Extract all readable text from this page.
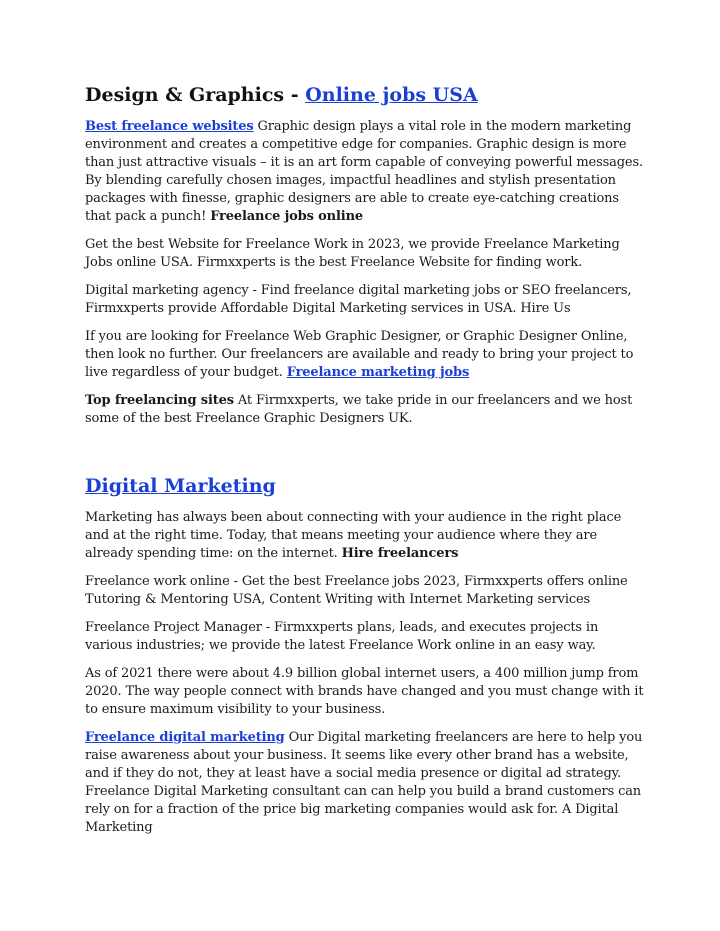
Design & Graphics - Online jobs USA

Best freelance websites Graphic design plays a vital role in the modern marketing environment and creates a competitive edge for companies. Graphic design is more than just attractive visuals – it is an art form capable of conveying powerful messages. By blending carefully chosen images, impactful headlines and stylish presentation packages with finesse, graphic designers are able to create eye-catching creations that pack a punch! Freelance jobs online

Get the best Website for Freelance Work in 2023, we provide Freelance Marketing Jobs online USA. Firmxxperts is the best Freelance Website for finding work.

Digital marketing agency - Find freelance digital marketing jobs or SEO freelancers, Firmxxperts provide Affordable Digital Marketing services in USA. Hire Us

If you are looking for Freelance Web Graphic Designer, or Graphic Designer Online, then look no further. Our freelancers are available and ready to bring your project to live regardless of your budget. Freelance marketing jobs

Top freelancing sites At Firmxxperts, we take pride in our freelancers and we host some of the best Freelance Graphic Designers UK.

Digital Marketing

Marketing has always been about connecting with your audience in the right place and at the right time. Today, that means meeting your audience where they are already spending time: on the internet. Hire freelancers

Freelance work online - Get the best Freelance jobs 2023, Firmxxperts offers online Tutoring & Mentoring USA, Content Writing with Internet Marketing services

Freelance Project Manager - Firmxxperts plans, leads, and executes projects in various industries; we provide the latest Freelance Work online in an easy way.

As of 2021 there were about 4.9 billion global internet users, a 400 million jump from 2020. The way people connect with brands have changed and you must change with it to ensure maximum visibility to your business.

Freelance digital marketing Our Digital marketing freelancers are here to help you raise awareness about your business. It seems like every other brand has a website, and if they do not, they at least have a social media presence or digital ad strategy. Freelance Digital Marketing consultant can can help you build a brand customers can rely on for a fraction of the price big marketing companies would ask for. A Digital Marketing
